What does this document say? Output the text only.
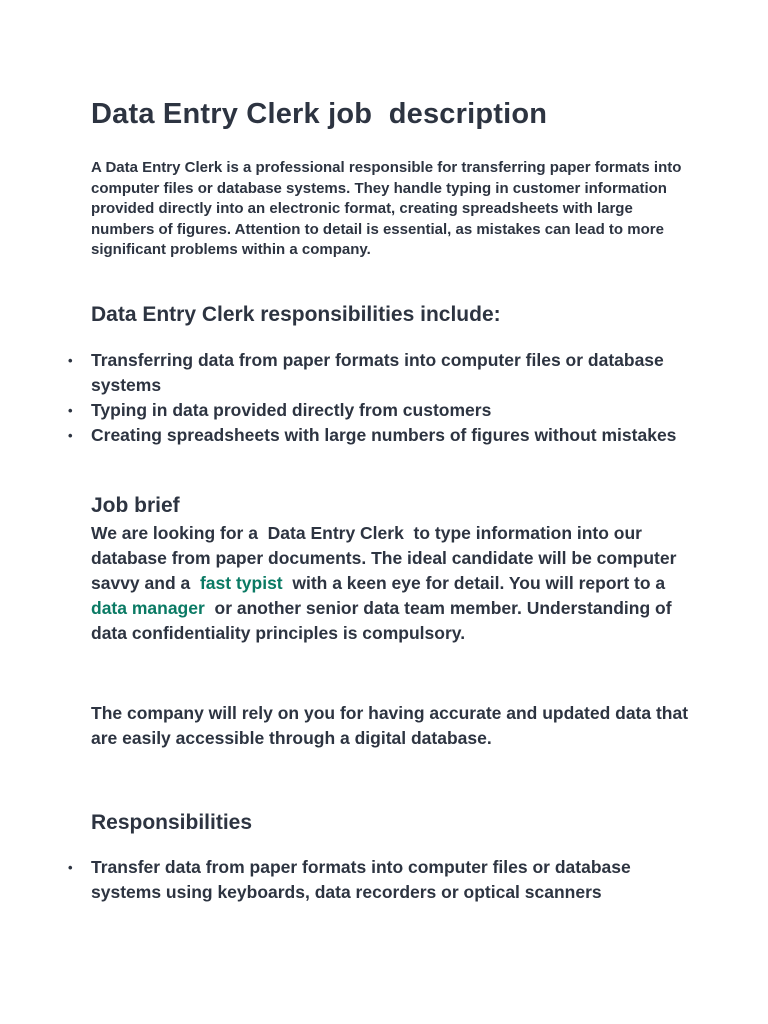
Data Entry Clerk job  description

A Data Entry Clerk is a professional responsible for transferring paper formats into computer files or database systems. They handle typing in customer information provided directly into an electronic format, creating spreadsheets with large numbers of figures. Attention to detail is essential, as mistakes can lead to more significant problems within a company.

Data Entry Clerk responsibilities include:
• Transferring data from paper formats into computer files or database systems
• Typing in data provided directly from customers
• Creating spreadsheets with large numbers of figures without mistakes
Job brief

We are looking for a  Data Entry Clerk  to type information into our database from paper documents. The ideal candidate will be computer savvy and a  fast typist  with a keen eye for detail. You will report to a  data manager  or another senior data team member. Understanding of data confidentiality principles is compulsory.

The company will rely on you for having accurate and updated data that are easily accessible through a digital database.

Responsibilities
• Transfer data from paper formats into computer files or database systems using keyboards, data recorders or optical scanners
